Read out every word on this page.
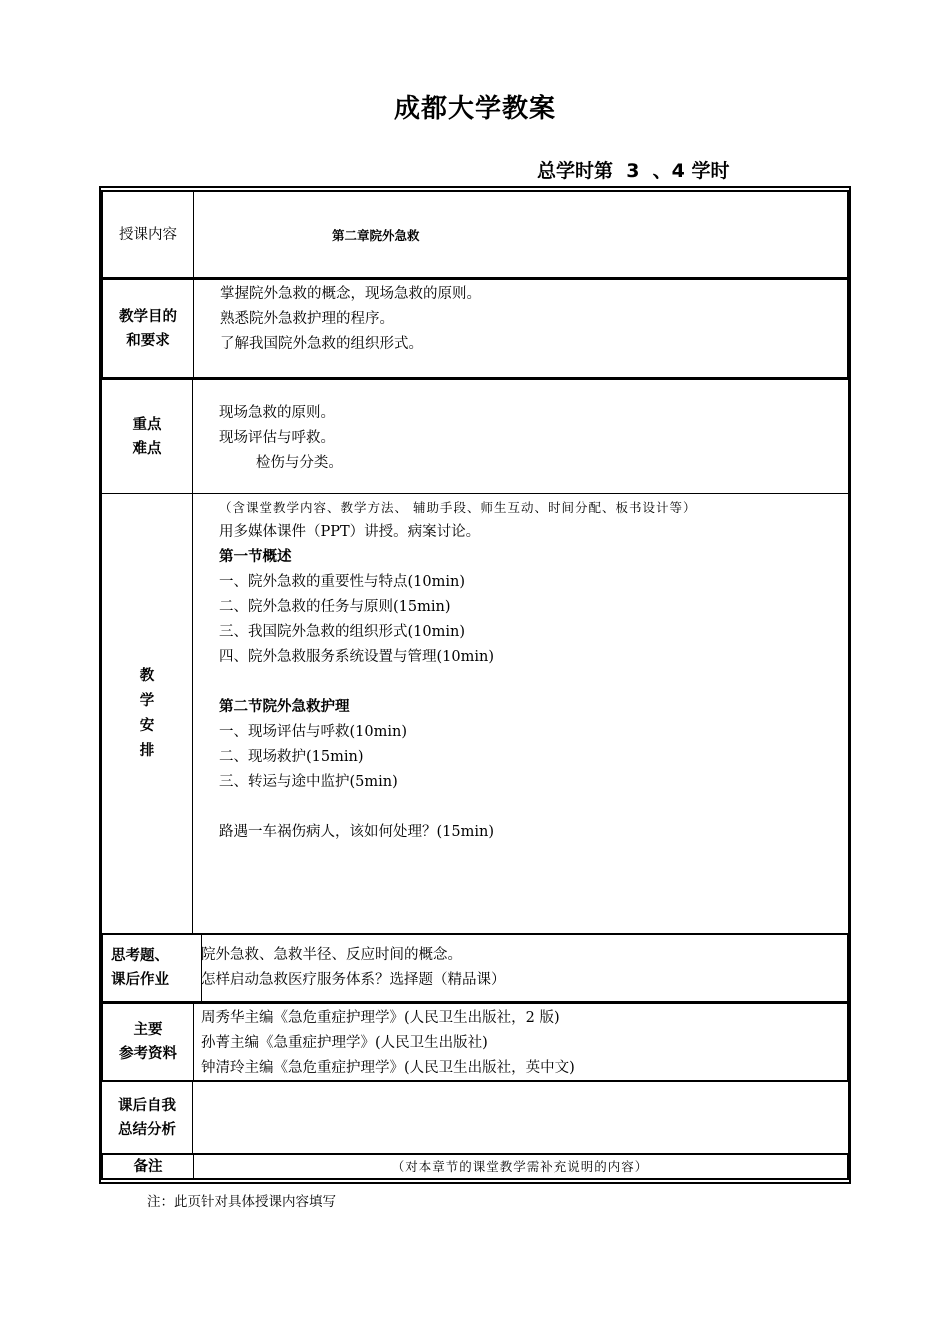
成都大学教案
总学时第  3  、4 学时
授课内容	第二章院外急救
教学目的
和要求
掌握院外急救的概念，现场急救的原则。
熟悉院外急救护理的程序。
了解我国院外急救的组织形式。
重点
难点
现场急救的原则。
现场评估与呼救。
检伤与分类。
教
学
安
排
（含课堂教学内容、教学方法、 辅助手段、师生互动、时间分配、板书设计等）
用多媒体课件（PPT）讲授。病案讨论。
第一节概述
一、院外急救的重要性与特点(10min)
二、院外急救的任务与原则(15min)
三、我国院外急救的组织形式(10min)
四、院外急救服务系统设置与管理(10min)
第二节院外急救护理
一、现场评估与呼救(10min)
二、现场救护(15min)
三、转运与途中监护(5min)
路遇一车祸伤病人，该如何处理？(15min)
思考题、
课后作业
院外急救、急救半径、反应时间的概念。
怎样启动急救医疗服务体系？选择题（精品课）
主要
参考资料
周秀华主编《急危重症护理学》(人民卫生出版社，2 版)
孙菁主编《急重症护理学》(人民卫生出版社)
钟清玲主编《急危重症护理学》(人民卫生出版社，英中文)
课后自我
总结分析
备注	（对本章节的课堂教学需补充说明的内容）
注：此页针对具体授课内容填写
